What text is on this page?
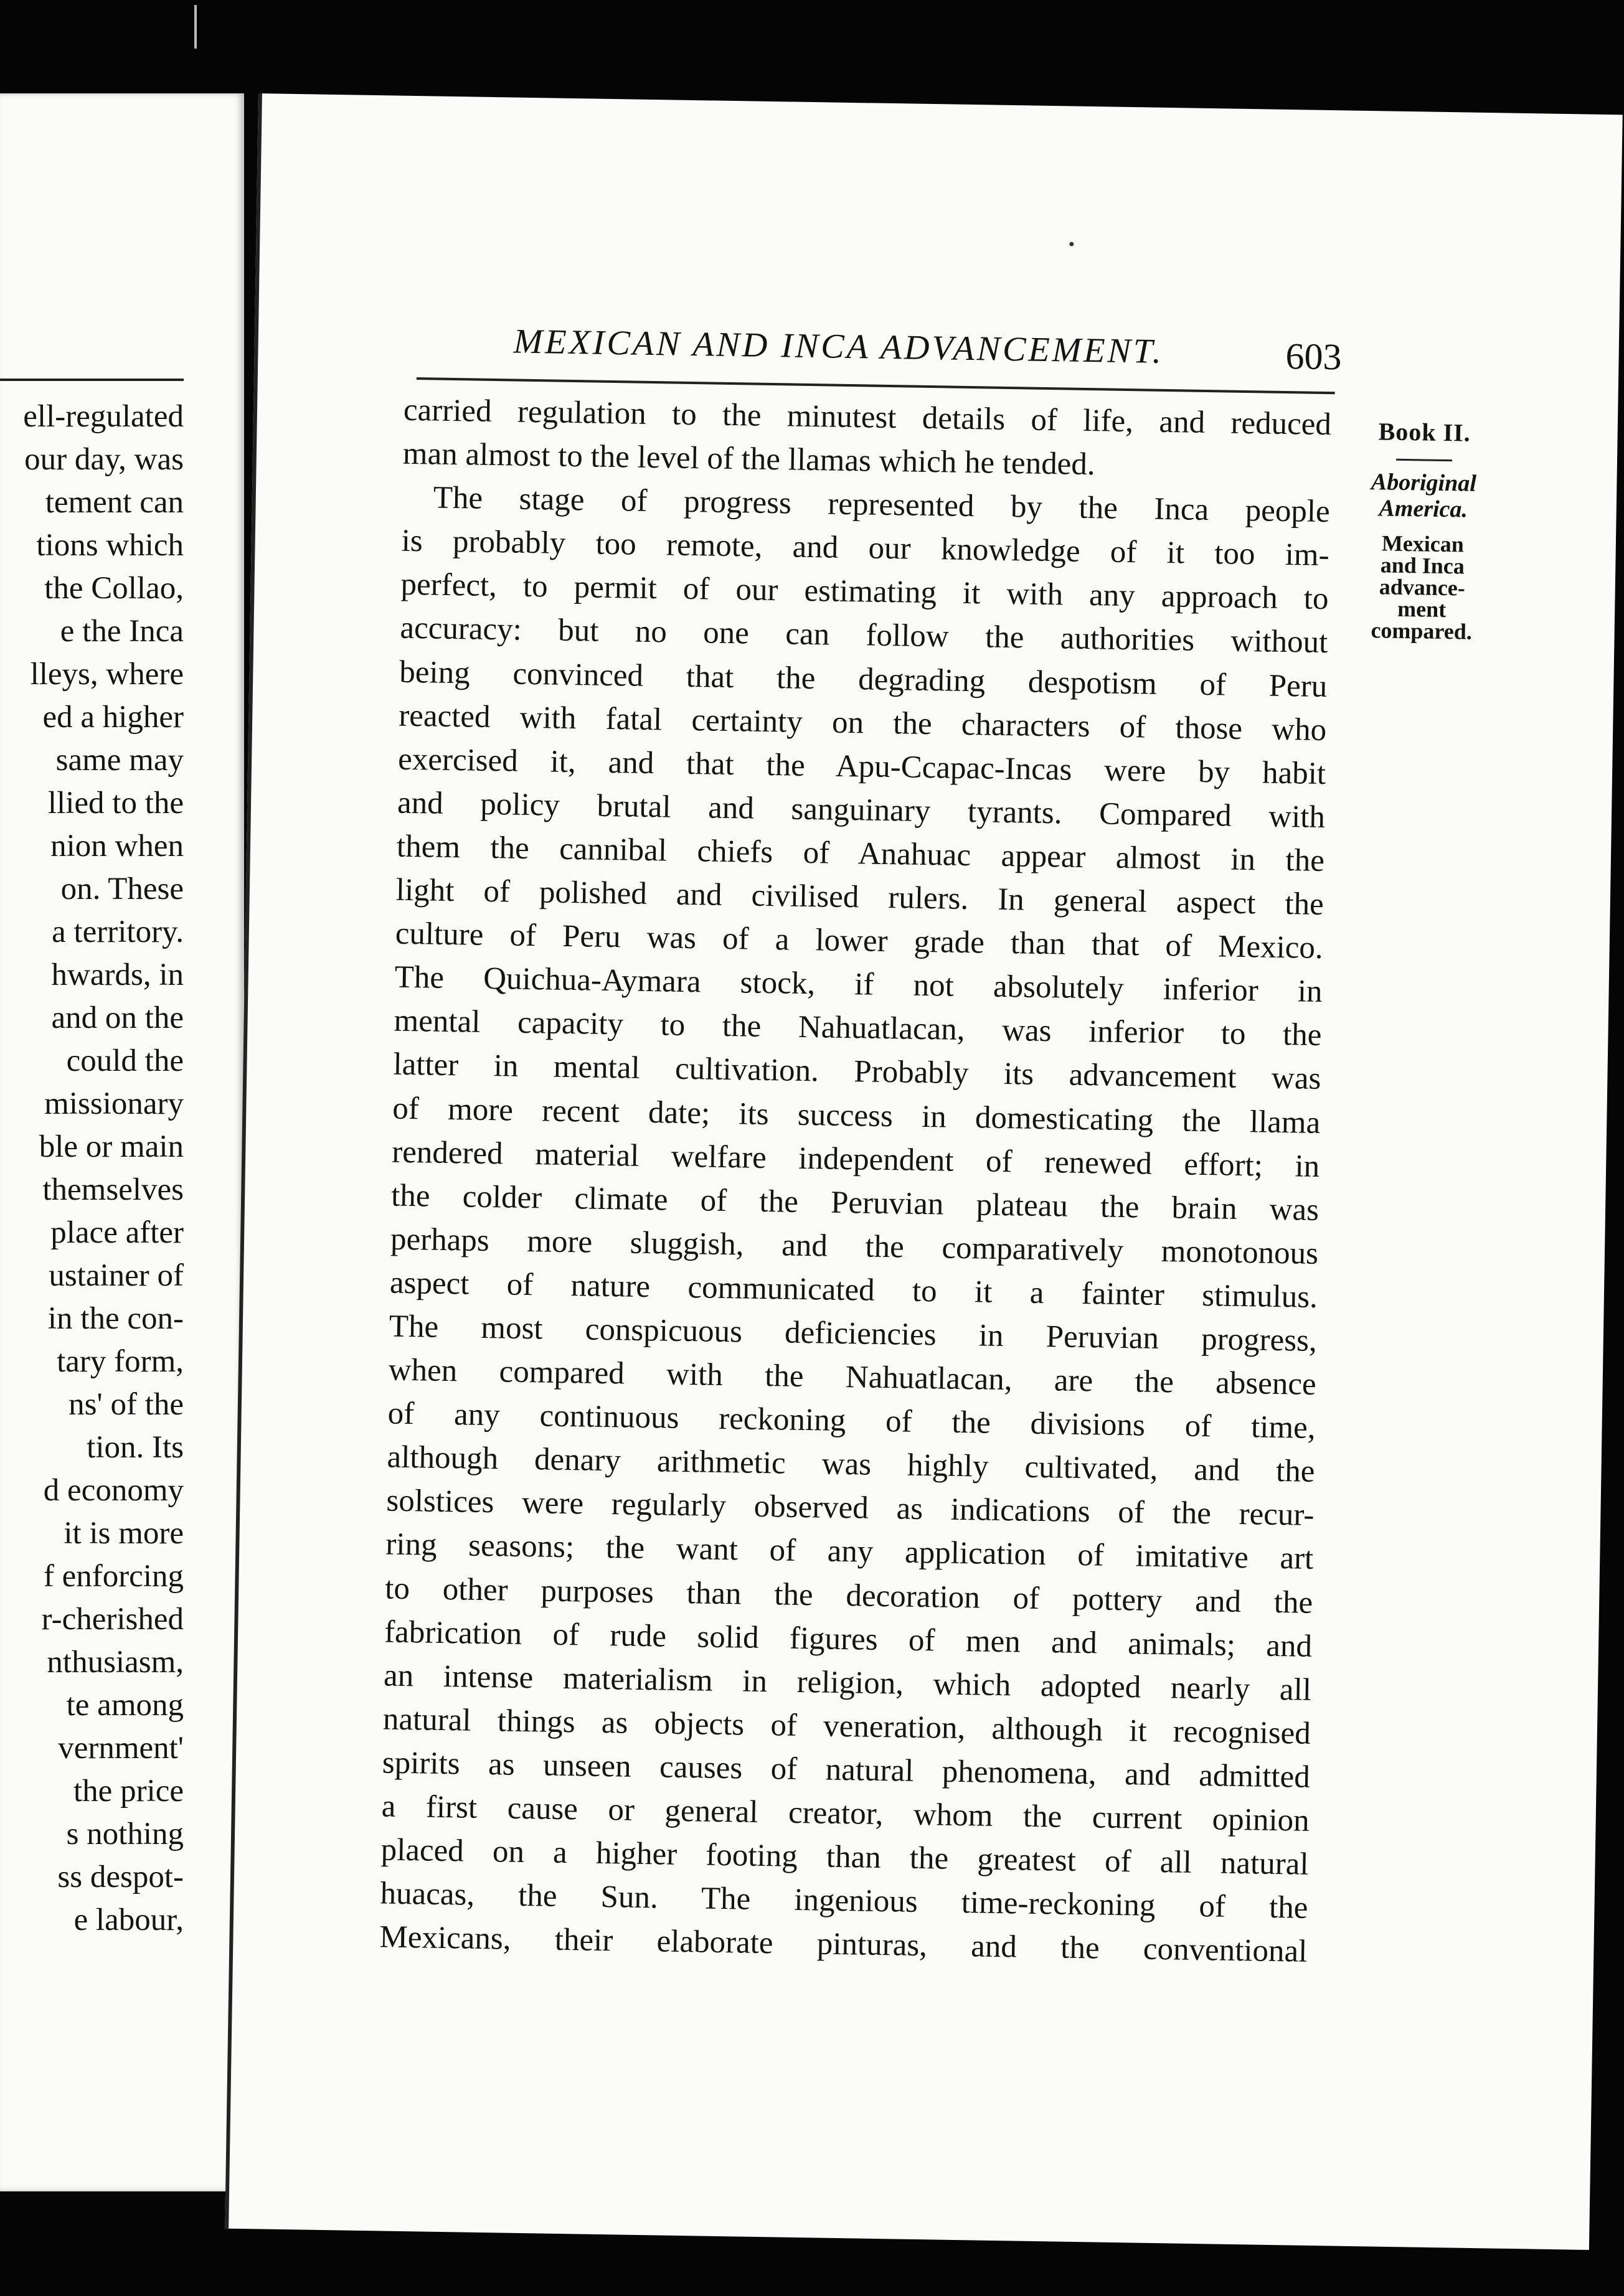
ell-regulated
our day, was
tement can
tions which
the Collao,
e the Inca
lleys, where
ed a higher
same may
llied to the
nion when
on. These
a territory.
hwards, in
and on the
could the
missionary
ble or main
themselves
place after
ustainer of
in the con-
tary form,
ns' of the
tion. Its
d economy
it is more
f enforcing
r-cherished
nthusiasm,
te among
vernment'
the price
s nothing
ss despot-
e labour,
MEXICAN AND INCA ADVANCEMENT.	603
carried regulation to the minutest details of life, and reduced
man almost to the level of the llamas which he tended.
The stage of progress represented by the Inca people
is probably too remote, and our knowledge of it too im-
perfect, to permit of our estimating it with any approach to
accuracy: but no one can follow the authorities without
being convinced that the degrading despotism of Peru
reacted with fatal certainty on the characters of those who
exercised it, and that the Apu-Ccapac-Incas were by habit
and policy brutal and sanguinary tyrants. Compared with
them the cannibal chiefs of Anahuac appear almost in the
light of polished and civilised rulers. In general aspect the
culture of Peru was of a lower grade than that of Mexico.
The Quichua-Aymara stock, if not absolutely inferior in
mental capacity to the Nahuatlacan, was inferior to the
latter in mental cultivation. Probably its advancement was
of more recent date; its success in domesticating the llama
rendered material welfare independent of renewed effort; in
the colder climate of the Peruvian plateau the brain was
perhaps more sluggish, and the comparatively monotonous
aspect of nature communicated to it a fainter stimulus.
The most conspicuous deficiencies in Peruvian progress,
when compared with the Nahuatlacan, are the absence
of any continuous reckoning of the divisions of time,
although denary arithmetic was highly cultivated, and the
solstices were regularly observed as indications of the recur-
ring seasons; the want of any application of imitative art
to other purposes than the decoration of pottery and the
fabrication of rude solid figures of men and animals; and
an intense materialism in religion, which adopted nearly all
natural things as objects of veneration, although it recognised
spirits as unseen causes of natural phenomena, and admitted
a first cause or general creator, whom the current opinion
placed on a higher footing than the greatest of all natural
huacas, the Sun. The ingenious time-reckoning of the
Mexicans, their elaborate pinturas, and the conventional
Book II.
Aboriginal
America.
Mexican
and Inca
advance-
ment
compared.
